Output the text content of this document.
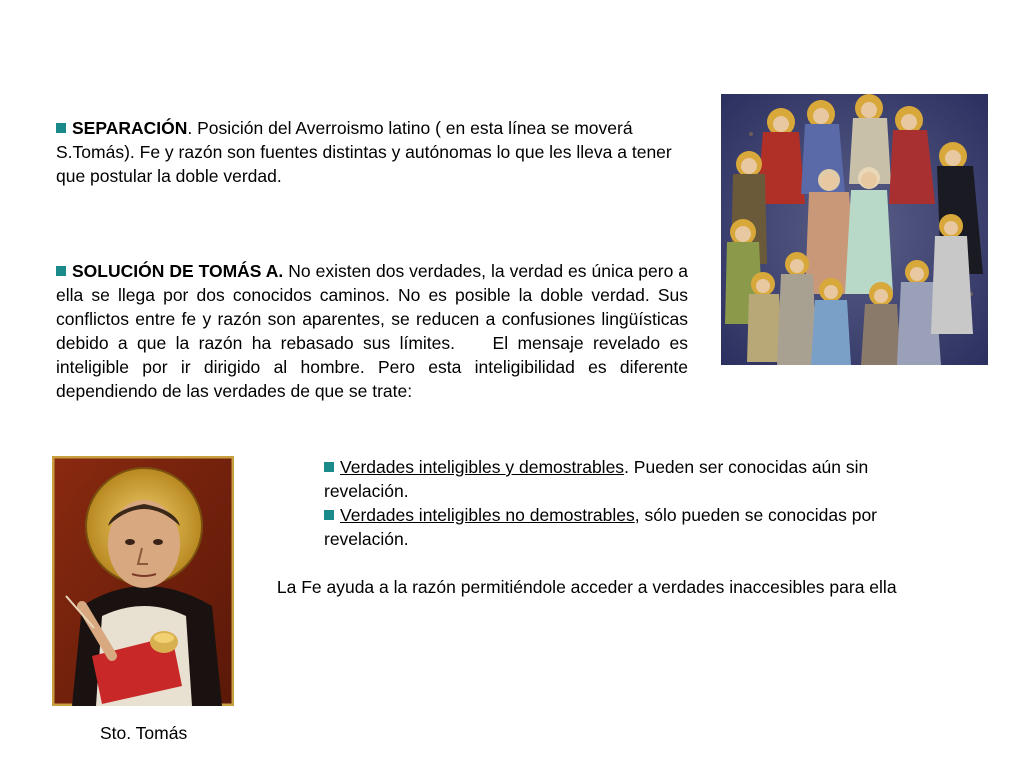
SEPARACIÓN. Posición del Averroismo latino ( en esta línea se moverá S.Tomás). Fe y razón son fuentes distintas y autónomas lo que les lleva a tener que postular la doble verdad.

SOLUCIÓN DE TOMÁS A. No existen dos verdades, la verdad es única pero a ella se llega por dos conocidos caminos. No es posible la doble verdad. Sus conflictos entre fe y razón son aparentes, se reducen a confusiones lingüísticas debido a que la razón ha rebasado sus límites.    El mensaje revelado es inteligible por ir dirigido al hombre. Pero esta inteligibilidad es diferente dependiendo de las verdades de que se trate:

Verdades inteligibles y demostrables. Pueden ser conocidas aún sin revelación.

Verdades inteligibles no demostrables, sólo pueden se conocidas por revelación.

La Fe ayuda a la razón permitiéndole acceder a verdades inaccesibles para ella

Sto. Tomás
